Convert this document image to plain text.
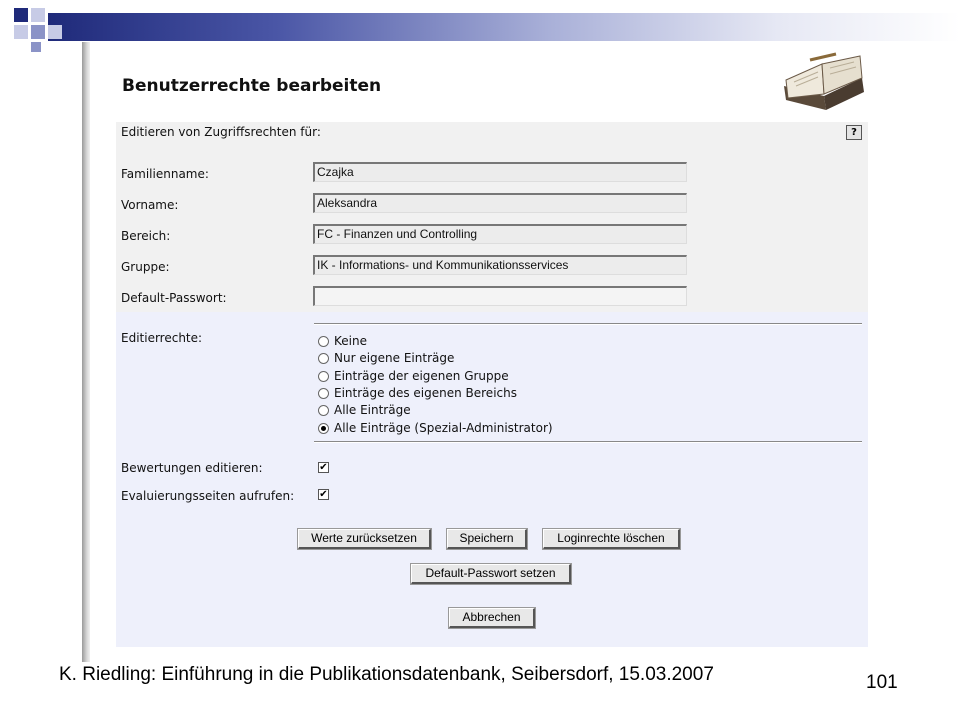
Benutzerrechte bearbeiten
Editieren von Zugriffsrechten für:	?
Familienname:	Czajka
Vorname:	Aleksandra
Bereich:	FC - Finanzen und Controlling
Gruppe:	IK - Informations- und Kommunikationsservices
Default-Passwort:
Editierrechte:	Keine
Nur eigene Einträge
Einträge der eigenen Gruppe
Einträge des eigenen Bereichs
Alle Einträge
Alle Einträge (Spezial-Administrator)
Bewertungen editieren:	✔
Evaluierungsseiten aufrufen:	✔
Werte zurücksetzen	Speichern	Loginrechte löschen
Default-Passwort setzen
Abbrechen
K. Riedling: Einführung in die Publikationsdatenbank, Seibersdorf, 15.03.2007	101
